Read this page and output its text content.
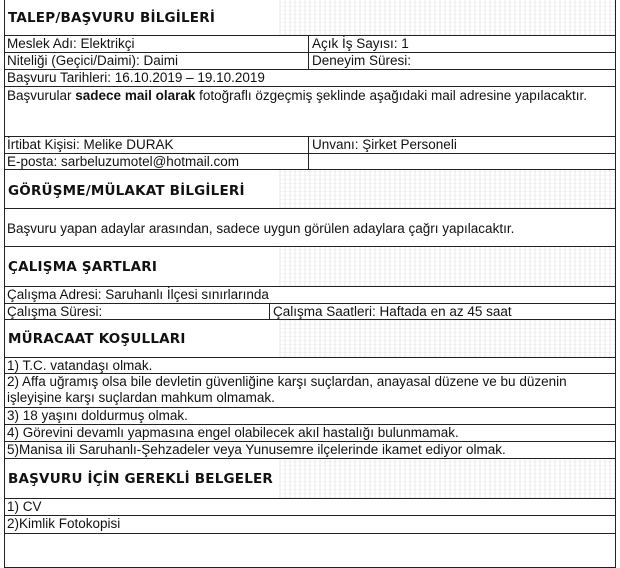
TALEP/BAŞVURU BİLGİLERİ
Meslek Adı: Elektrikçi	Açık İş Sayısı: 1
Niteliği (Geçici/Daimi): Daimi	Deneyim Süresi:
Başvuru Tarihleri: 16.10.2019 – 19.10.2019
Başvurular sadece mail olarak fotoğraflı özgeçmiş şeklinde aşağıdaki mail adresine yapılacaktır.
İrtibat Kişisi: Melike DURAK	Unvanı: Şirket Personeli
E-posta: sarbeluzumotel@hotmail.com
GÖRÜŞME/MÜLAKAT BİLGİLERİ
Başvuru yapan adaylar arasından, sadece uygun görülen adaylara çağrı yapılacaktır.
ÇALIŞMA ŞARTLARI
Çalışma Adresi: Saruhanlı İlçesi sınırlarında
Çalışma Süresi:	Çalışma Saatleri: Haftada en az 45 saat
MÜRACAAT KOŞULLARI
1) T.C. vatandaşı olmak.
2) Affa uğramış olsa bile devletin güvenliğine karşı suçlardan, anayasal düzene ve bu düzenin işleyişine karşı suçlardan mahkum olmamak.
3) 18 yaşını doldurmuş olmak.
4) Görevini devamlı yapmasına engel olabilecek akıl hastalığı bulunmamak.
5)Manisa ili Saruhanlı-Şehzadeler veya Yunusemre ilçelerinde ikamet ediyor olmak.
BAŞVURU İÇİN GEREKLİ BELGELER
1) CV
2)Kimlik Fotokopisi
